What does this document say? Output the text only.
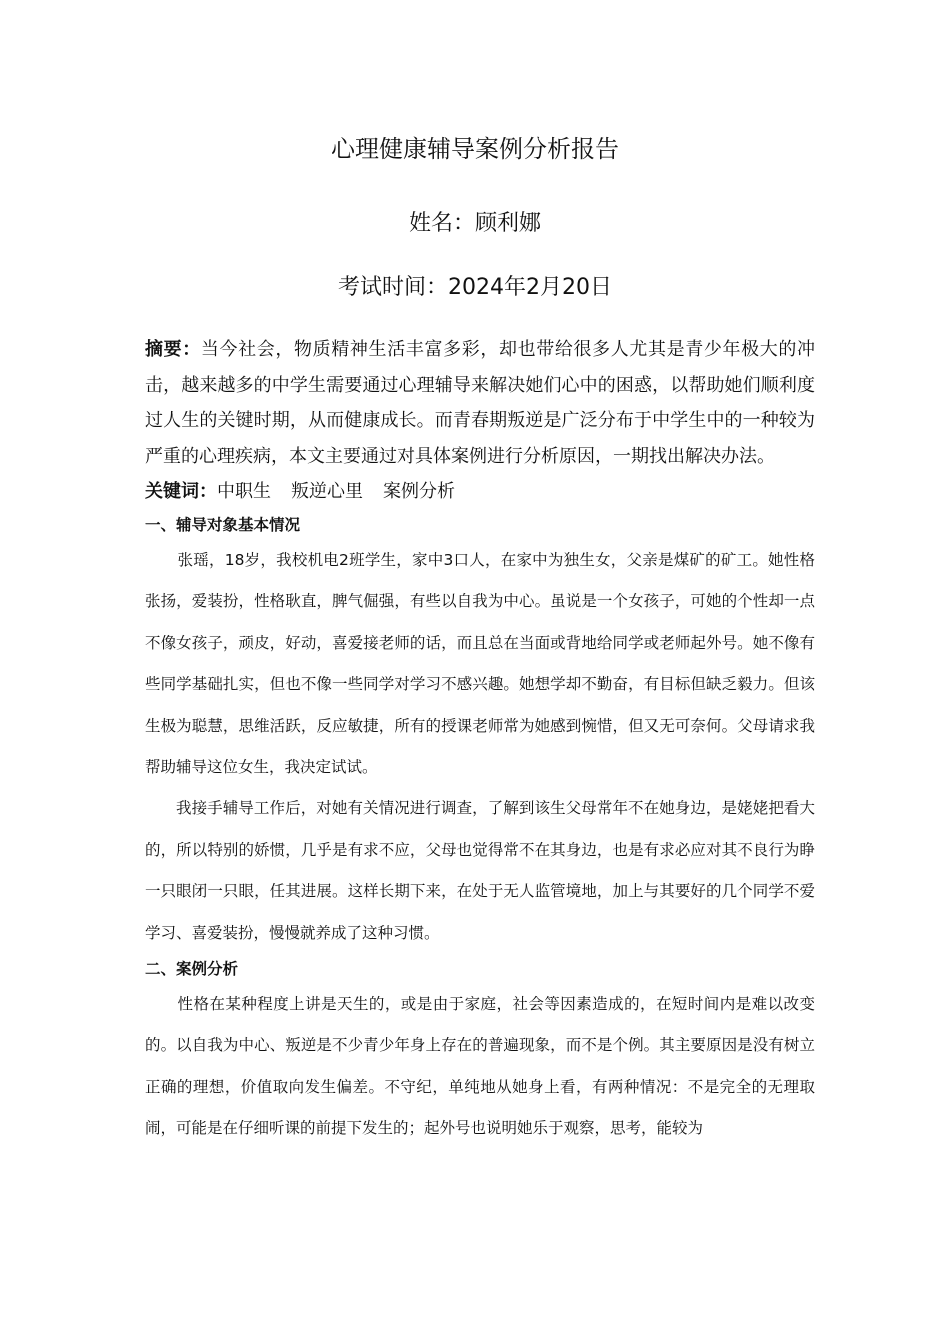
心理健康辅导案例分析报告
姓名：顾利娜
考试时间：2024年2月20日

摘要：当今社会，物质精神生活丰富多彩，却也带给很多人尤其是青少年极大的冲击，越来越多的中学生需要通过心理辅导来解决她们心中的困惑，以帮助她们顺利度过人生的关键时期，从而健康成长。而青春期叛逆是广泛分布于中学生中的一种较为严重的心理疾病，本文主要通过对具体案例进行分析原因，一期找出解决办法。

关键词：中职生 叛逆心里 案例分析

一、辅导对象基本情况

张瑶，18岁，我校机电2班学生，家中3口人，在家中为独生女，父亲是煤矿的矿工。她性格张扬，爱装扮，性格耿直，脾气倔强，有些以自我为中心。虽说是一个女孩子，可她的个性却一点不像女孩子，顽皮，好动，喜爱接老师的话，而且总在当面或背地给同学或老师起外号。她不像有些同学基础扎实，但也不像一些同学对学习不感兴趣。她想学却不勤奋，有目标但缺乏毅力。但该生极为聪慧，思维活跃，反应敏捷，所有的授课老师常为她感到惋惜，但又无可奈何。父母请求我帮助辅导这位女生，我决定试试。

我接手辅导工作后，对她有关情况进行调查，了解到该生父母常年不在她身边，是姥姥把看大的，所以特别的娇惯，几乎是有求不应，父母也觉得常不在其身边，也是有求必应对其不良行为睁一只眼闭一只眼，任其进展。这样长期下来，在处于无人监管境地，加上与其要好的几个同学不爱学习、喜爱装扮，慢慢就养成了这种习惯。

二、案例分析

性格在某种程度上讲是天生的，或是由于家庭，社会等因素造成的，在短时间内是难以改变的。以自我为中心、叛逆是不少青少年身上存在的普遍现象，而不是个例。其主要原因是没有树立正确的理想，价值取向发生偏差。不守纪，单纯地从她身上看，有两种情况：不是完全的无理取闹，可能是在仔细听课的前提下发生的；起外号也说明她乐于观察，思考，能较为
